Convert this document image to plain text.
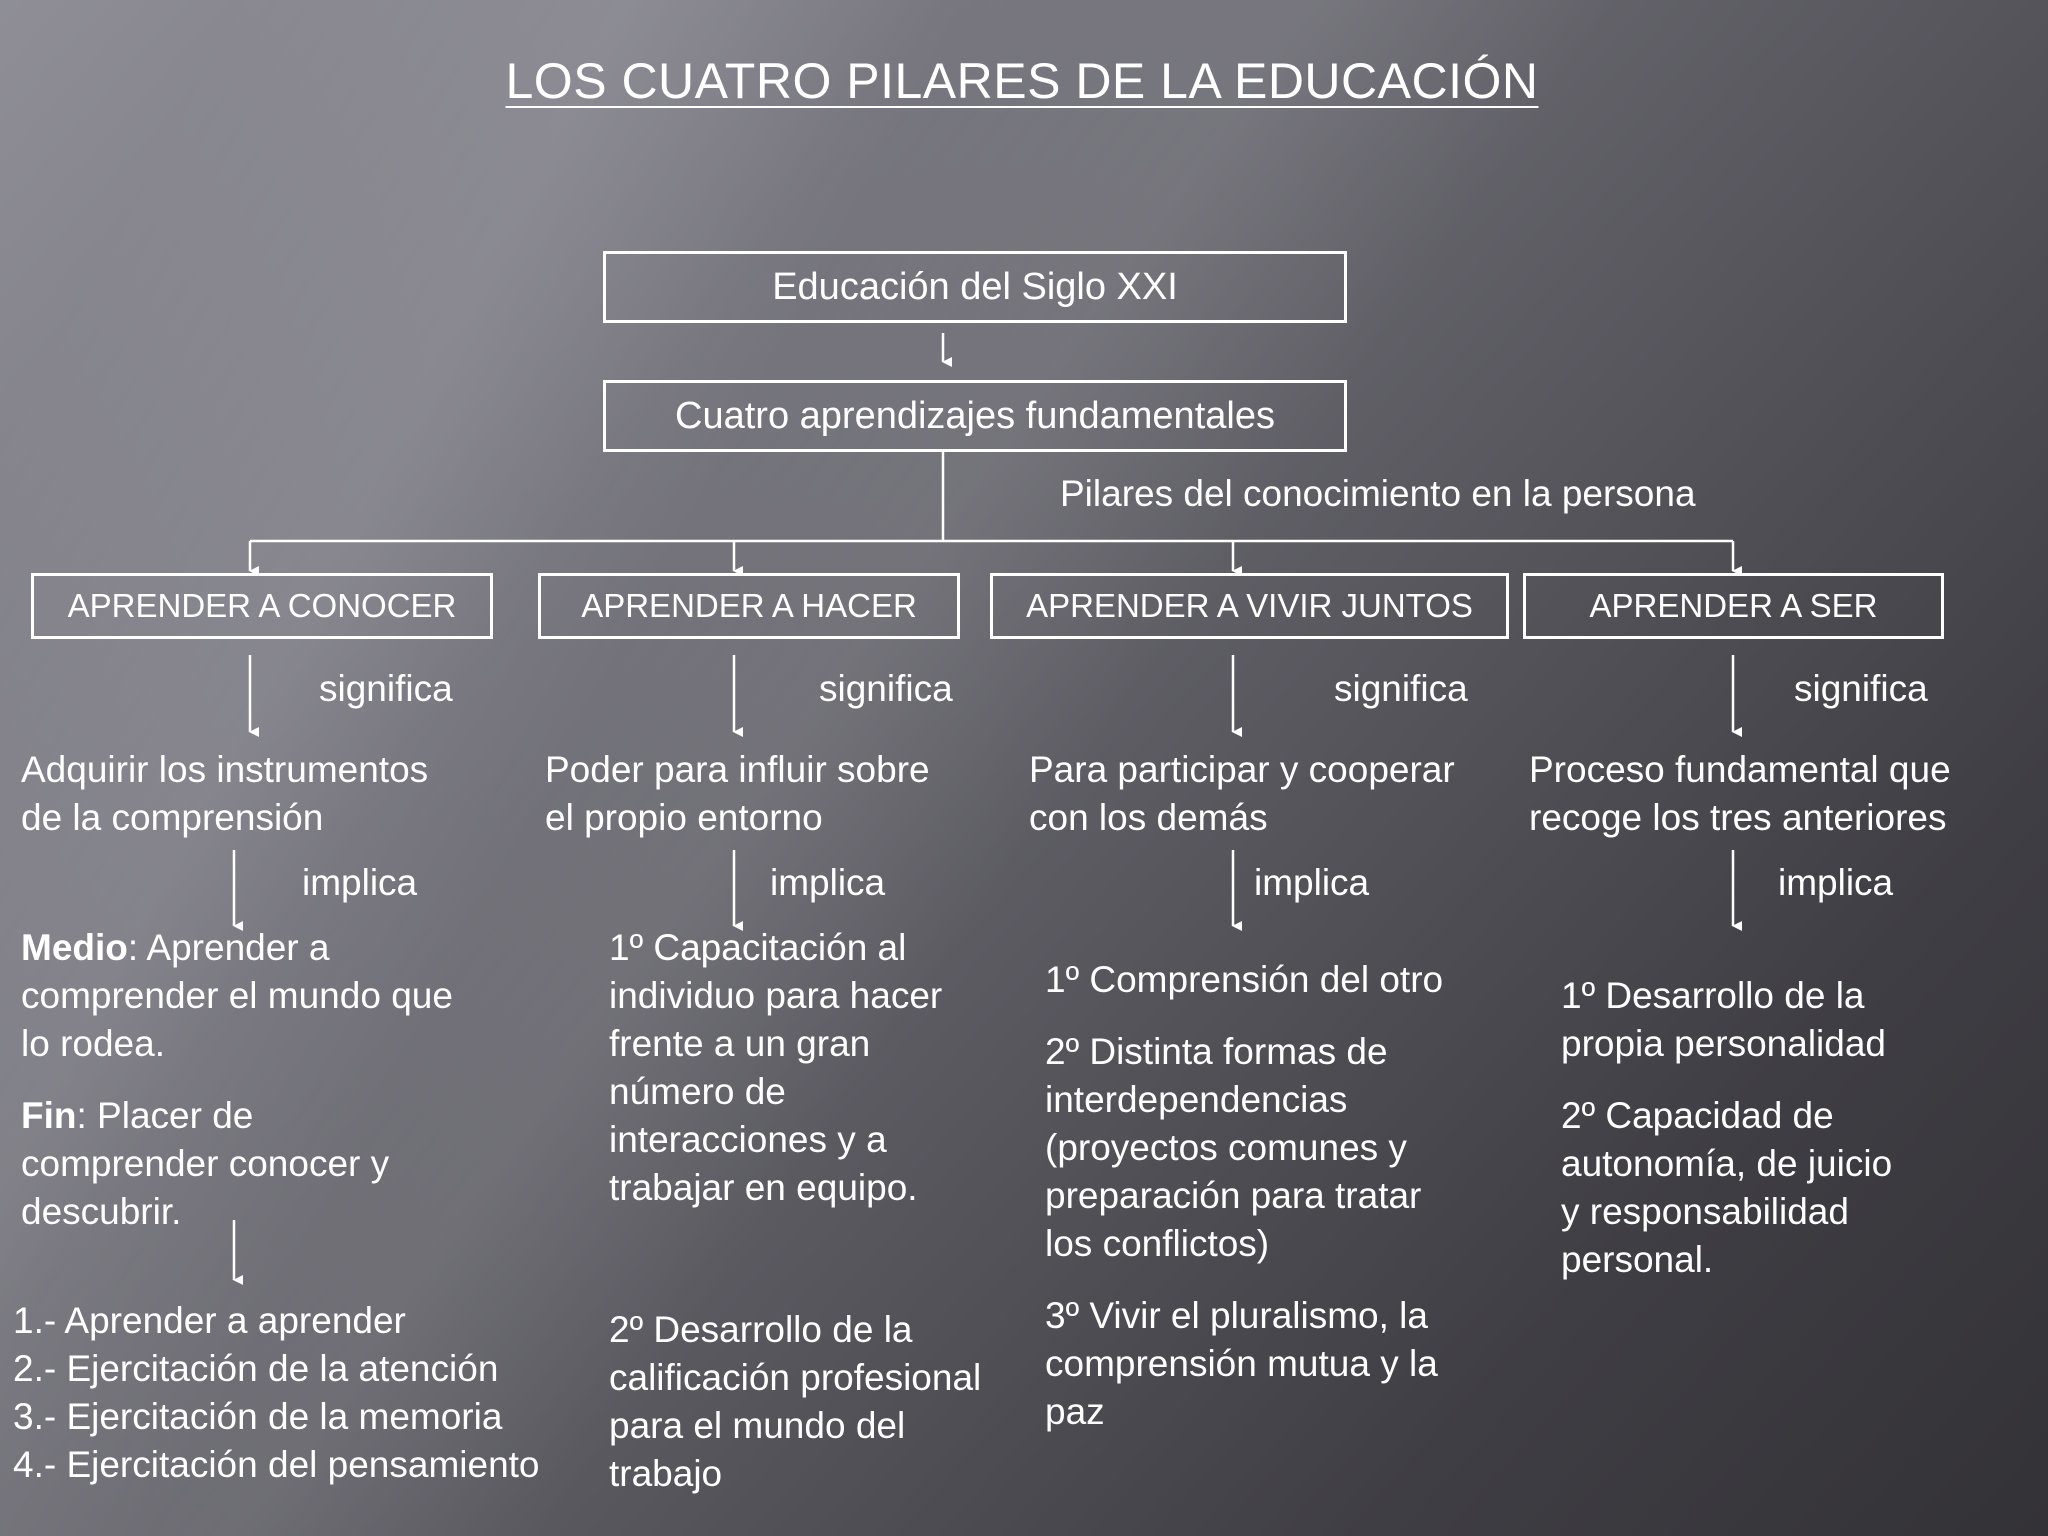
LOS CUATRO PILARES DE LA EDUCACIÓN
Educación del Siglo XXI
Cuatro aprendizajes fundamentales
Pilares del conocimiento en la persona
APRENDER A CONOCER	APRENDER A HACER	APRENDER A VIVIR JUNTOS	APRENDER A SER
significa	significa	significa	significa

Adquirir los instrumentos

de la comprensión

Poder para influir sobre

el propio entorno

Para participar y cooperar

con los demás

Proceso fundamental que

recoge los tres anteriores

implica	implica	implica	implica

Medio: Aprender a

comprender el mundo que

lo rodea.

Fin: Placer de

comprender conocer y

descubrir.

1.- Aprender a aprender

2.- Ejercitación de la atención

3.- Ejercitación de la memoria

4.- Ejercitación del pensamiento

1º Capacitación al

individuo para hacer

frente a un gran

número de

interacciones y a

trabajar en equipo.

2º Desarrollo de la

calificación profesional

para el mundo del

trabajo

1º Comprensión del otro

2º Distinta formas de

interdependencias

(proyectos comunes y

preparación para tratar

los conflictos)

3º Vivir el pluralismo, la

comprensión mutua y la

paz

1º Desarrollo de la

propia personalidad

2º Capacidad de

autonomía, de juicio

y responsabilidad

personal.
